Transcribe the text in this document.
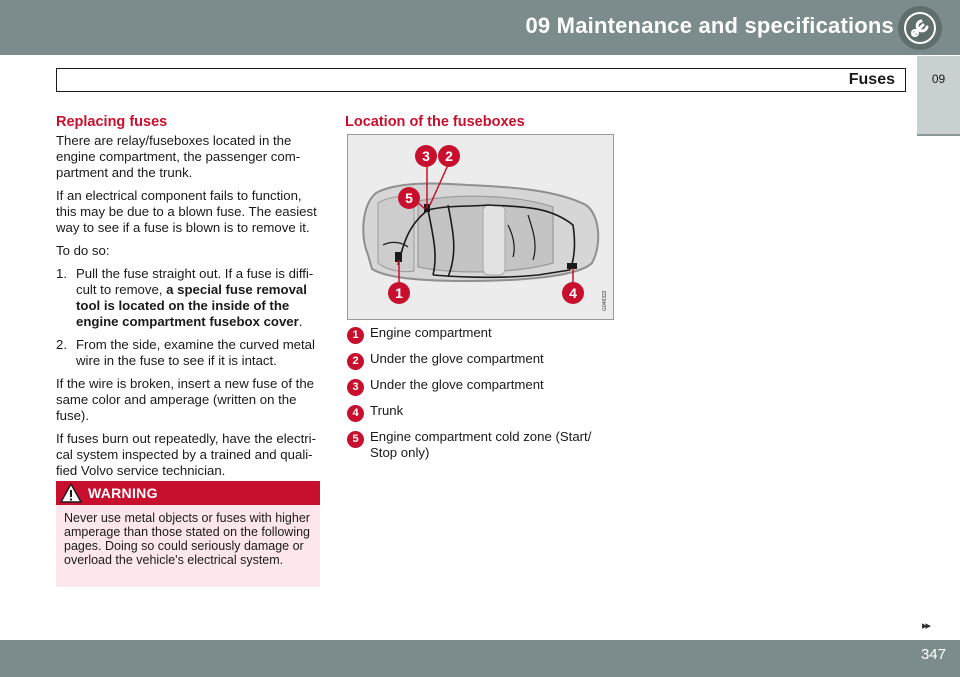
09 Maintenance and specifications
Fuses	09
Replacing fuses

There are relay/fuseboxes located in the engine compartment, the passenger com-partment and the trunk.

If an electrical component fails to function, this may be due to a blown fuse. The easiest way to see if a fuse is blown is to remove it.

To do so:

1. Pull the fuse straight out. If a fuse is diffi-cult to remove, a special fuse removal tool is located on the inside of the engine compartment fusebox cover.
2. From the side, examine the curved metal wire in the fuse to see if it is intact.

If the wire is broken, insert a new fuse of the same color and amperage (written on the fuse).

If fuses burn out repeatedly, have the electri-cal system inspected by a trained and quali-fied Volvo service technician.

WARNING
Never use metal objects or fuses with higher amperage than those stated on the following pages. Doing so could seriously damage or overload the vehicle's electrical system.
Location of the fuseboxes
3 2
5
1	4	G046322
1 Engine compartment
2 Under the glove compartment
3 Under the glove compartment
4 Trunk
5 Engine compartment cold zone (Start/ Stop only)
▸▸
347
